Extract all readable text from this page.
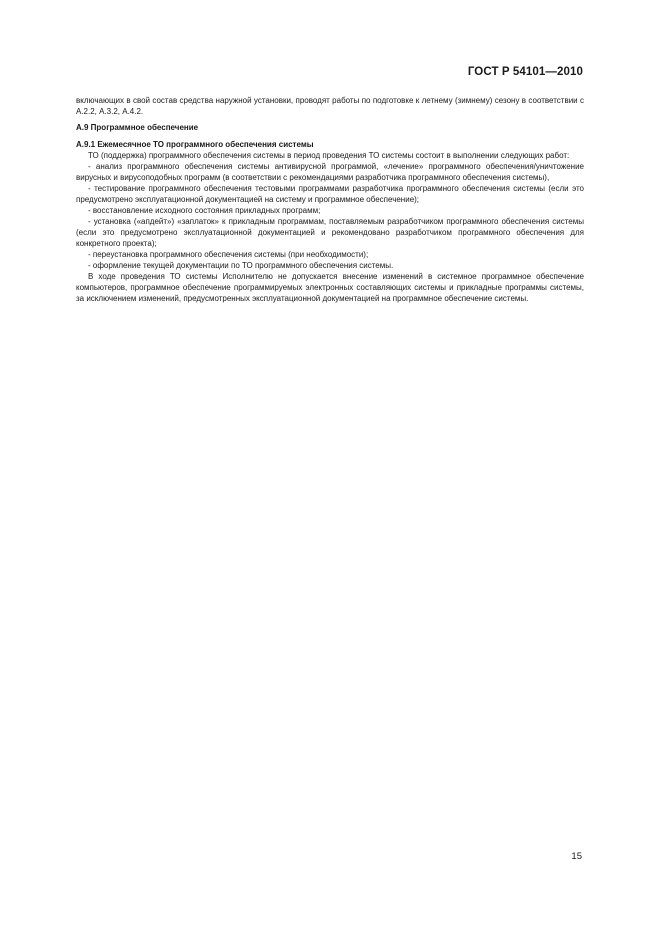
ГОСТ Р 54101—2010

включающих в свой состав средства наружной установки, проводят работы по подготовке к летнему (зимнему) сезону в соответствии с А.2.2, А.3.2, А.4.2.

А.9 Программное обеспечение

А.9.1 Ежемесячное ТО программного обеспечения системы

ТО (поддержка) программного обеспечения системы в период проведения ТО системы состоит в выполнении следующих работ:

- анализ программного обеспечения системы антивирусной программой, «лечение» программного обеспечения/уничтожение вирусных и вирусоподобных программ (в соответствии с рекомендациями разработчика программного обеспечения системы),

- тестирование программного обеспечения тестовыми программами разработчика программного обеспечения системы (если это предусмотрено эксплуатационной документацией на систему и программное обеспечение);

- восстановление исходного состояния прикладных программ;

- установка («апдейт») «заплаток» к прикладным программам, поставляемым разработчиком программного обеспечения системы (если это предусмотрено эксплуатационной документацией и рекомендовано разработчиком программного обеспечения для конкретного проекта);

- переустановка программного обеспечения системы (при необходимости);

- оформление текущей документации по ТО программного обеспечения системы.

В ходе проведения ТО системы Исполнителю не допускается внесение изменений в системное программное обеспечение компьютеров, программное обеспечение программируемых электронных составляющих системы и прикладные программы системы, за исключением изменений, предусмотренных эксплуатационной документацией на программное обеспечение системы.

15
